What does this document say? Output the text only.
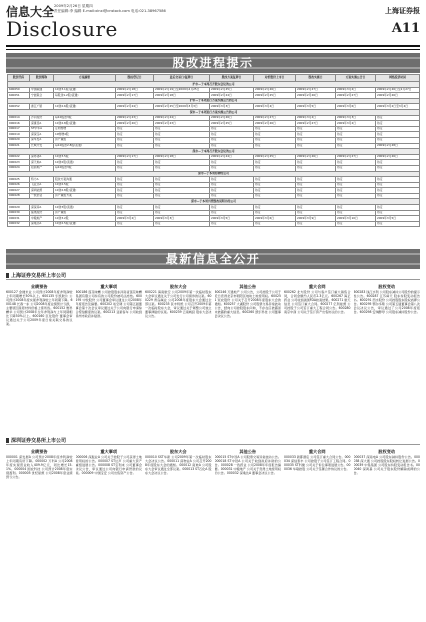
信息大全 2009年2月26日 星期四
责任编辑:李 编辑 E-mail:xinxi@cnstock.com 电话:021-38967586
Disclosure
上海证券报
A11
股改进程提示
股票代码	股票简称	方案摘要	股权登记日	最后交易日/复牌日	股改方案复牌日	对价股份上市日	股改实施日	方案实施公告日	网络投票时间
沪市—于本周召开股东会议的公司									
600050	中国联通	10送3.1股(流通)	2009年2月18日	2009年2月19日至2009年2月25日	2009年2月25日	2009年2月26日	2009年2月27日	2009年3月2日	2009年2月26日至2月27日
600051	宁波联合	每股送1.2股(流通)	2009年2月17日	2009年2月18日	2009年2月24日	2009年2月25日	2009年2月26日	2009年2月27日	2009年2月26日
沪市—于本周进行方案实施公告的公司									
600052	浙江广厦	10送2.6股(流通)	2009年2月24日	2009年2月25日至2009年3月3日	2009年3月3日	2009年3月4日	2009年3月5日	2009年3月6日	2009年3月2日至3月4日
深市—于本周进行方案实施公告的公司									
000014	沙河股份	每10股送3股	2009年2月23日	2009年2月24日	2009年2月26日	2009年2月27日	2009年3月2日	2009年3月3日	待定
000016	深康佳A	10送2.8股(流通)	2009年2月20日	2009年2月23日	2009年2月25日	2009年2月26日	2009年2月27日	2009年3月2日	待定
000017	ST中华A	定向转增	待定	待定	待定	待定	待定	待定	待定
000019	深深宝A	10转增4股	待定	待定	待定	待定	待定	待定	待定
000020	深华发A	资产重组	待定	待定	待定	待定	待定	待定	待定
000021	长城开发	每10股送2.8股(流通)	待定	待定	待定	待定	待定	待定	2009年2月28日
深市—于本周召开股东会议的公司									
000022	深赤湾A	10送3.5股	2009年2月17日	2009年2月18日	2009年2月24日	2009年2月25日	2009年2月26日	2009年2月27日	2009年2月26日
000023	深天地A	10送2股(流通)	待定	待定	待定	待定	待定	待定	待定
000024	招商地产	每10股送3股	待定	待定	待定	待定	待定	待定	待定
深市—于本周停牌的公司									
000025	特力A	股改方案沟通	待定	待定	待定	待定	待定	待定	待定
000026	飞亚达A	10送2.5股	待定	待定	待定	待定	待定	待定	待定
000027	深圳能源	10送2.8股(流通)	待定	待定	待定	待定	待定	待定	待定
000028	一致药业	资产重组方案	待定	待定	待定	待定	待定	待定	待定
深市—于本周刊登股改说明书的公司									
000029	深深房A	10送3股(流通)	待定	待定	待定	待定	待定	待定	待定
000030	富奥股份	资产重组	待定	待定	待定	待定	待定	待定	待定
000031	中粮地产	10送3.2股	2009年3月2日	2009年3月3日	2009年3月5日	2009年3月6日	2009年3月9日	2009年3月10日	2009年3月5日
000032	深桑达A	10送2.5股(流通)	待定	待定	待定	待定	待定	待定	待定
最新信息全公开
上海证券交易所上市公司
业绩预告
600127 金健米业 公司预计2008年度净利润较上年同期增长50%以上。600135 乐凯胶片 公司预计2008年度实现净利润较上年同期下降。600148 长春一东 公司2008年度业绩预计亏损，主要原因是原材料价格上涨所致。600152 维科精华 公司预计2008年全年净利润与上年同期相比下降50%以上。600160 巨化股份 董事会审议通过关于公司2009年度日常关联交易的议案。
重大事项
600186 莲花味精 公司控股股东河南省莲花味精集团有限公司持有的公司股份被司法冻结。600195 中牧股份 公司董事会审议通过公司2008年年度报告及摘要。600202 哈空调 公司第五届董事会第十次会议审议通过关于公司向银行申请综合授信额度的议案。600213 亚星客车 公司收到扬州市政府补贴款。
股东大会
600221 海南航空 公司2009年第一次临时股东大会审议通过关于公司发行公司债券的议案。600229 青岛碱业 公司2008年度股东大会通过全部议案。600235 民丰特纸 公司召开2009年第一次临时股东大会，审议通过关于调整公司独立董事津贴的议案。600239 云南城投 股东大会决议公告。
其他公告
600246 万通地产 公司公告，公司控股子公司于近日竞得北京市朝阳区地块土地使用权。600251 冠农股份 公司关于召开2008年度股东大会的通知。600257 大湖股份 公司股票交易异常波动公告，经向公司控股股东问询，不存在应披露而未披露的重大信息。600260 凯乐科技 公司董事会决议公告。
重大合同
600262 北方股份 公司与客户签订重大销售合同，合同金额约人民币2.3亿元。600267 海正药业 公司收到美国FDA检查结果。600271 航天信息 公司签订重大合同。600277 亿利能源 公司控股子公司签订重大工程合同公告。600280 南京中商 公司关于签订资产出售协议的公告。
股权变动
600283 钱江水利 公司股东减持公司股份的提示性公告。600287 江苏舜天 股东持股变动报告书。600291 西水股份 公司控股股东股权质押公告。600295 鄂尔多斯 公司第五届董事会第八次会议决议公告，审议通过了公司2008年度报告。600298 安琪酵母 公司股东减持股份公告。
深圳证券交易所上市公司
业绩预告
000001 深发展A 公司预计2008年度净利润较上年同期有所下降。000002 万科A 公司2008年度实现营业收入409.9亿元，同比增长15.1%。000004 国农科技 公司预计2008年度实现盈利。000005 世纪星源 公司2008年度业绩预亏公告。
重大事项
000006 深振业A 公司关于控股子公司获得土地使用权的公告。000007 ST达声 公司重大资产重组进展公告。000008 ST宝利来 公司董事会决议公告，审议通过公司向银行申请贷款的议案。000009 中国宝安 公司出售资产公告。
股东大会
000010 SST华新 公司2009年第一次临时股东大会决议公告。000011 深物业A 公司召开2008年度股东大会的通知。000012 南玻A 公司股东大会审议通过全部议案。000013 ST石化A 股东大会决议公告。
其他公告
000015 ST中冠A 公司股票交易异常波动公告。000018 ST中冠A 公司关于收到政府补助的公告。000028 一致药业 公司2008年年度报告摘要。000031 中粮地产 公司关于竞得土地使用权的公告。000032 深桑达A 董事会决议公告。
重大合同
000033 新都酒店 公司签订重大合同公告。000034 深信泰丰 公司控股子公司签订工程合同。000035 ST科健 公司关于诉讼事项进展公告。000036 华联控股 公司关于签署合作协议的公告。
股权变动
000037 深南电A 公司股东减持股份公告。000038 深大通 公司控股股东股权转让进展公告。000039 中集集团 公司股东持股变动报告书。000040 深鸿基 公司关于股东股份解除质押的公告。
